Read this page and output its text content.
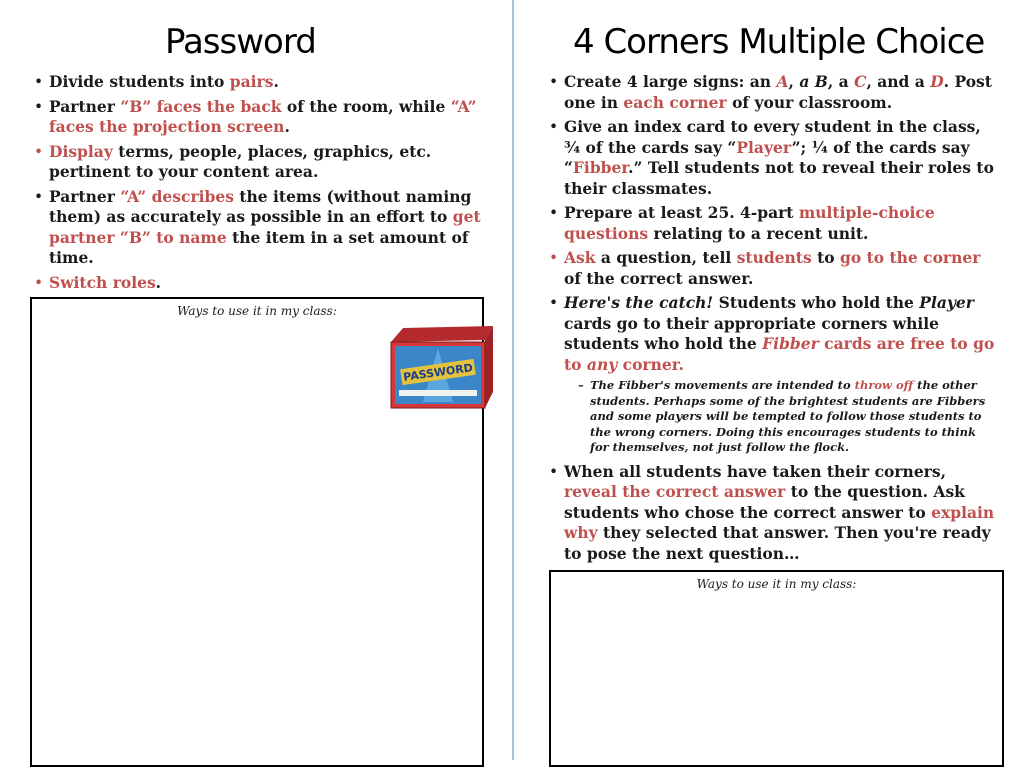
Password
• Divide students into pairs.
• Partner “B” faces the back of the room, while “A” faces the projection screen.
• Display terms, people, places, graphics, etc. pertinent to your content area.
• Partner “A” describes the items (without naming them) as accurately as possible in an effort to get partner “B” to name the item in a set amount of time.
• Switch roles.
Ways to use it in my class:
PASSWORD
4 Corners Multiple Choice
• Create 4 large signs: an A, a B, a C, and a D. Post one in each corner of your classroom.
• Give an index card to every student in the class, ¾ of the cards say “Player”; ¼ of the cards say “Fibber.” Tell students not to reveal their roles to their classmates.
• Prepare at least 25. 4-part multiple-choice questions relating to a recent unit.
• Ask a question, tell students to go to the corner of the correct answer.
• Here's the catch! Students who hold the Player cards go to their appropriate corners while students who hold the Fibber cards are free to go to any corner.
– The Fibber's movements are intended to throw off the other students. Perhaps some of the brightest students are Fibbers and some players will be tempted to follow those students to the wrong corners. Doing this encourages students to think for themselves, not just follow the flock.
• When all students have taken their corners, reveal the correct answer to the question. Ask students who chose the correct answer to explain why they selected that answer. Then you're ready to pose the next question…
Ways to use it in my class:
